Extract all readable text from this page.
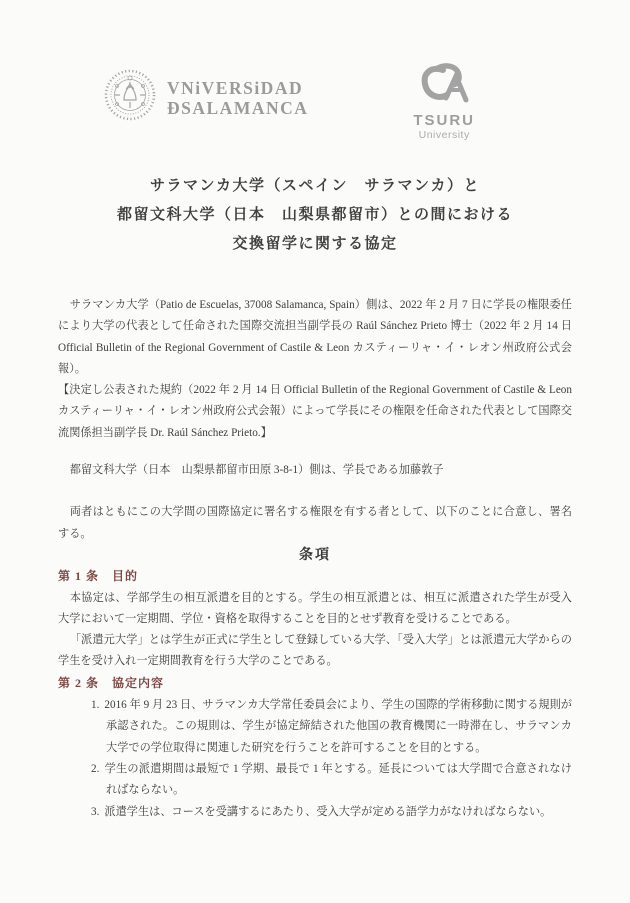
VNiVERSiDAD
ÐSALAMANCA
TSURU
University
サラマンカ大学（スペイン　サラマンカ）と
都留文科大学（日本　山梨県都留市）との間における
交換留学に関する協定

サラマンカ大学（Patio de Escuelas, 37008 Salamanca, Spain）側は、2022 年 2 月 7 日に学長の権限委任により大学の代表として任命された国際交流担当副学長の Raúl Sánchez Prieto 博士（2022 年 2 月 14 日 Official Bulletin of the Regional Government of Castile & Leon カスティーリャ・イ・レオン州政府公式会報）。

【決定し公表された規約（2022 年 2 月 14 日 Official Bulletin of the Regional Government of Castile & Leon カスティーリャ・イ・レオン州政府公式会報）によって学長にその権限を任命された代表として国際交流関係担当副学長 Dr. Raúl Sánchez Prieto.】

都留文科大学（日本　山梨県都留市田原 3-8-1）側は、学長である加藤敦子

両者はともにこの大学間の国際協定に署名する権限を有する者として、以下のことに合意し、署名する。

条項

第 1 条　目的

本協定は、学部学生の相互派遣を目的とする。学生の相互派遣とは、相互に派遣された学生が受入大学において一定期間、学位・資格を取得することを目的とせず教育を受けることである。

「派遣元大学」とは学生が正式に学生として登録している大学、「受入大学」とは派遣元大学からの学生を受け入れ一定期間教育を行う大学のことである。

第 2 条　協定内容

1. 2016 年 9 月 23 日、サラマンカ大学常任委員会により、学生の国際的学術移動に関する規則が承認された。この規則は、学生が協定締結された他国の教育機関に一時滞在し、サラマンカ大学での学位取得に関連した研究を行うことを許可することを目的とする。
2. 学生の派遣期間は最短で 1 学期、最長で 1 年とする。延長については大学間で合意されなければならない。
3. 派遣学生は、コースを受講するにあたり、受入大学が定める語学力がなければならない。
